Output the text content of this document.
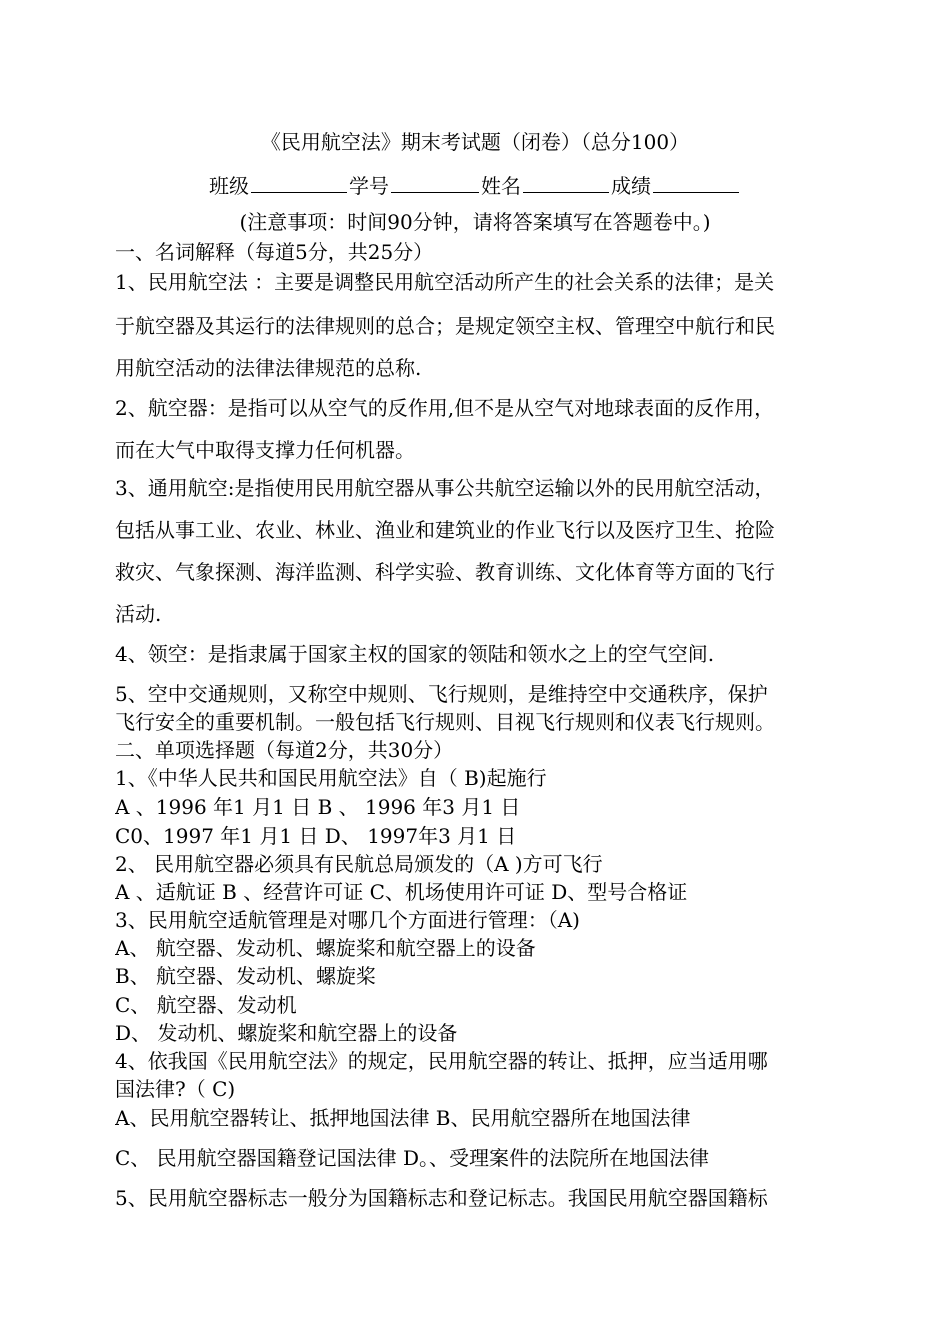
《民用航空法》期末考试题（闭卷）（总分100）
班级	学号	姓名	成绩
(注意事项：时间90分钟，请将答案填写在答题卷中。)
一、名词解释（每道5分，共25分）
1、民用航空法 ：主要是调整民用航空活动所产生的社会关系的法律；是关
于航空器及其运行的法律规则的总合；是规定领空主权、管理空中航行和民
用航空活动的法律法律规范的总称.
2、航空器：是指可以从空气的反作用,但不是从空气对地球表面的反作用，
而在大气中取得支撑力任何机器。
3、通用航空:是指使用民用航空器从事公共航空运输以外的民用航空活动，
包括从事工业、农业、林业、渔业和建筑业的作业飞行以及医疗卫生、抢险
救灾、气象探测、海洋监测、科学实验、教育训练、文化体育等方面的飞行
活动.
4、领空：是指隶属于国家主权的国家的领陆和领水之上的空气空间.
5、空中交通规则，又称空中规则、飞行规则，是维持空中交通秩序，保护
飞行安全的重要机制。一般包括飞行规则、目视飞行规则和仪表飞行规则。
二、单项选择题（每道2分，共30分）
1、《中华人民共和国民用航空法》自（ B)起施行
A 、1996 年1 月1 日 B 、 1996 年3 月1 日
C0、1997 年1 月1 日 D、 1997年3 月1 日
2、 民用航空器必须具有民航总局颁发的（A )方可飞行
A 、适航证 B 、经营许可证 C、机场使用许可证 D、型号合格证
3、民用航空适航管理是对哪几个方面进行管理：（A)
A、 航空器、发动机、螺旋桨和航空器上的设备
B、 航空器、发动机、螺旋桨
C、 航空器、发动机
D、 发动机、螺旋桨和航空器上的设备
4、依我国《民用航空法》的规定，民用航空器的转让、抵押，应当适用哪
国法律?（ C)
A、民用航空器转让、抵押地国法律 B、民用航空器所在地国法律
C、 民用航空器国籍登记国法律 D。、受理案件的法院所在地国法律
5、民用航空器标志一般分为国籍标志和登记标志。我国民用航空器国籍标
